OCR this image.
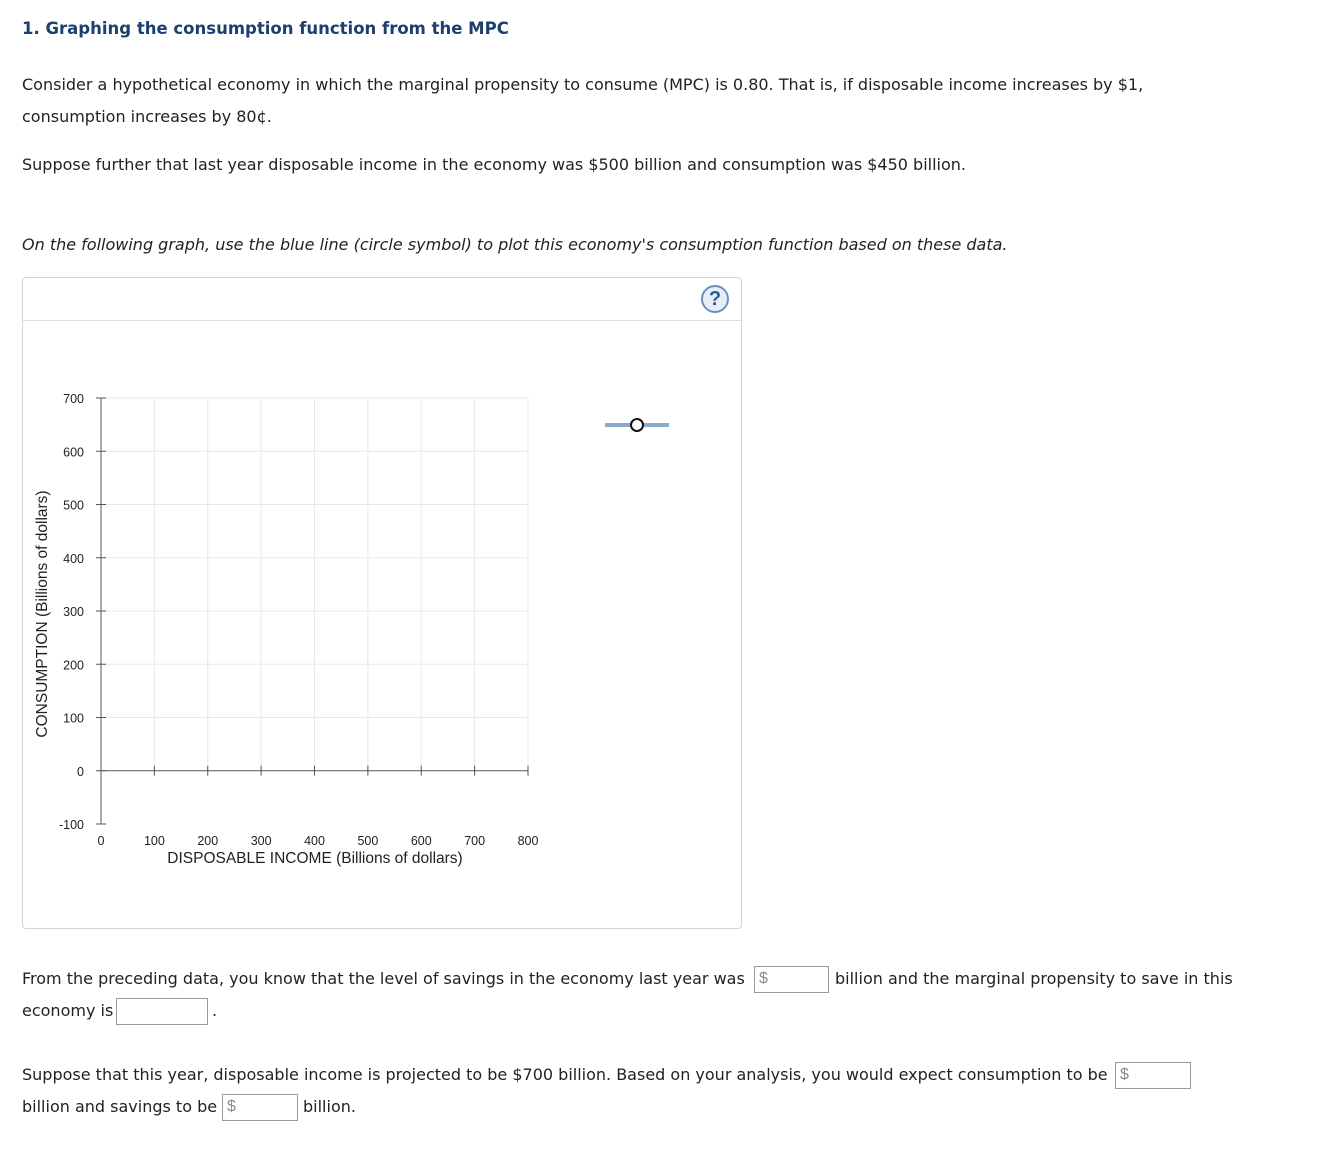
1. Graphing the consumption function from the MPC
Consider a hypothetical economy in which the marginal propensity to consume (MPC) is 0.80. That is, if disposable income increases by $1,
consumption increases by 80¢.
Suppose further that last year disposable income in the economy was $500 billion and consumption was $450 billion.
On the following graph, use the blue line (circle symbol) to plot this economy's consumption function based on these data.
?
-100
0
100
200
300
400
500
600
700
0	100	200	300	400	500	600	700	800
DISPOSABLE INCOME (Billions of dollars)
CONSUMPTION (Billions of dollars)
From the preceding data, you know that the level of savings in the economy last year was $	billion and the marginal propensity to save in this
economy is	.
Suppose that this year, disposable income is projected to be $700 billion. Based on your analysis, you would expect consumption to be $
billion and savings to be $	billion.
